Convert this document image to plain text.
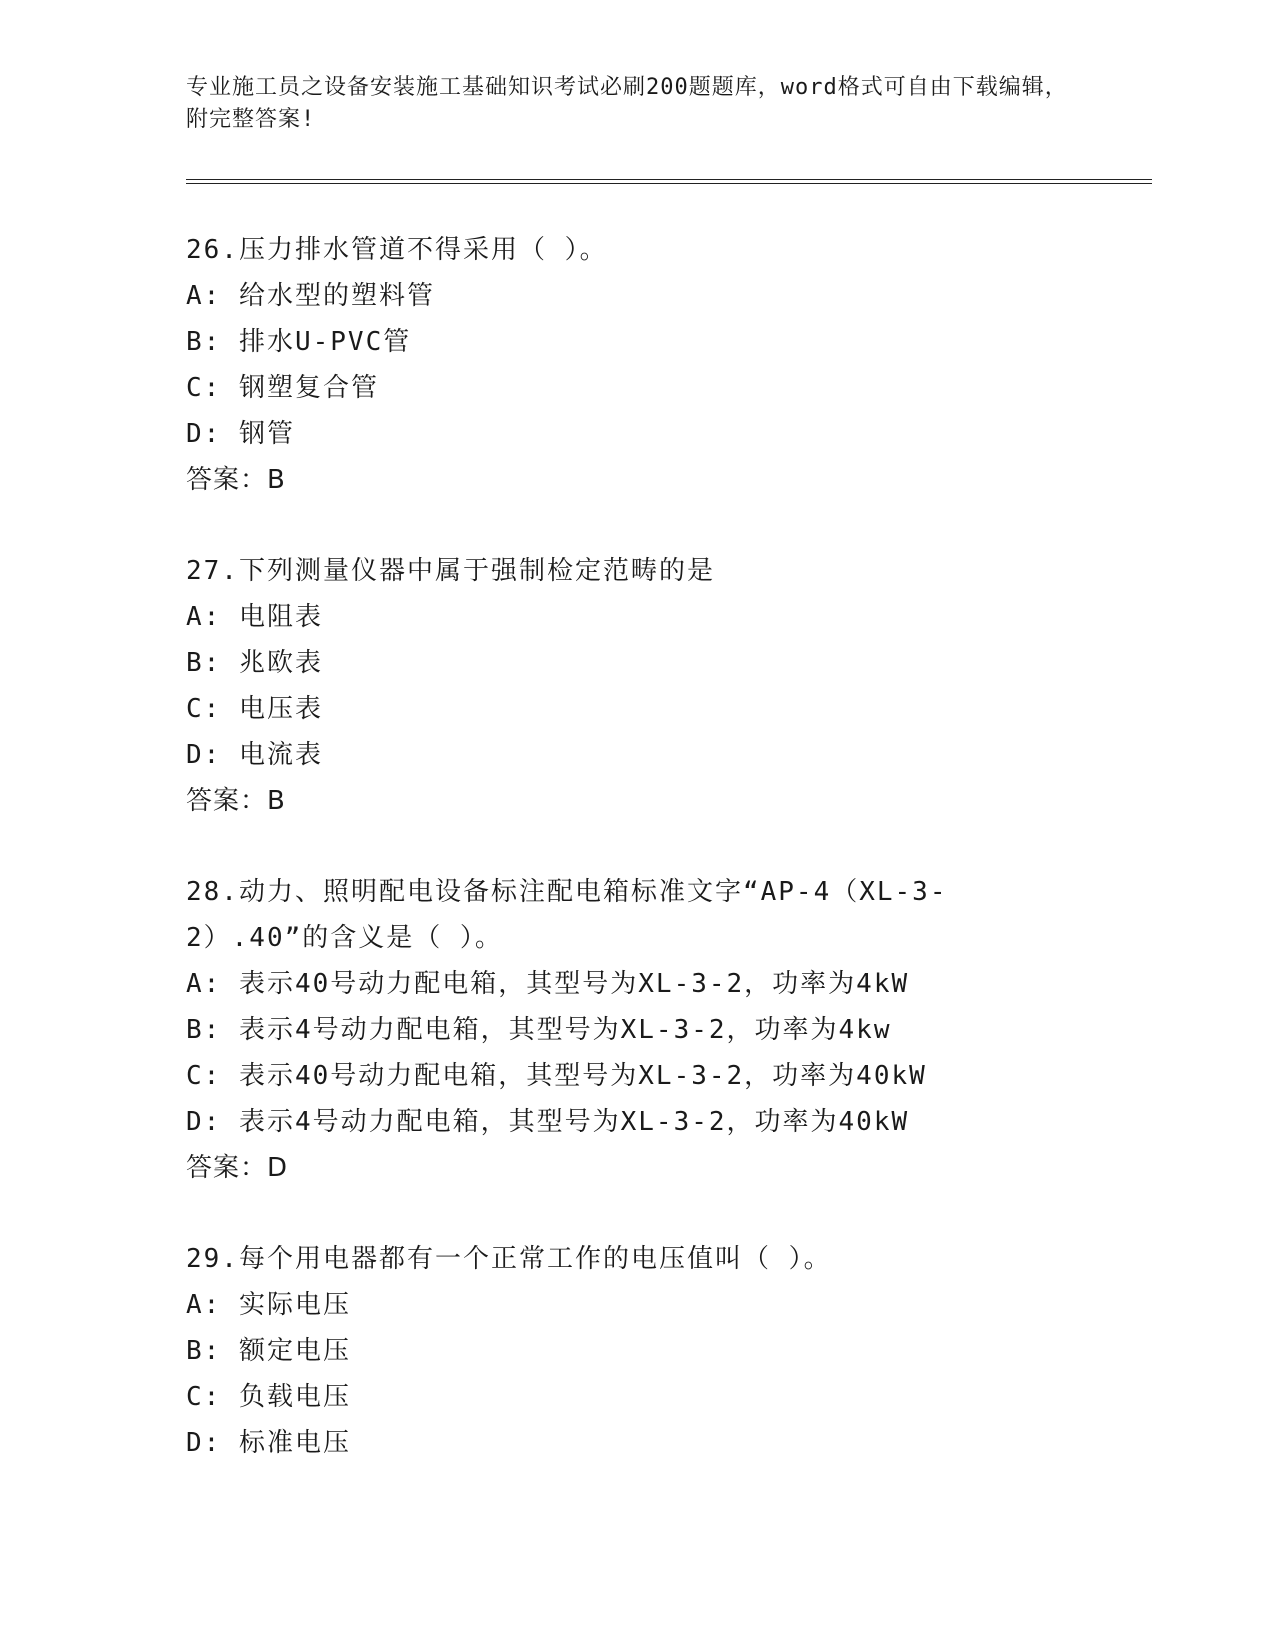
专业施工员之设备安装施工基础知识考试必刷200题题库，word格式可自由下载编辑，附完整答案!
26.压力排水管道不得采用（ ）。
A: 给水型的塑料管
B: 排水U-PVC管
C: 钢塑复合管
D: 钢管
答案：B
27.下列测量仪器中属于强制检定范畴的是
A: 电阻表
B: 兆欧表
C: 电压表
D: 电流表
答案：B
28.动力、照明配电设备标注配电箱标准文字“AP-4（XL-3-2）.40”的含义是（ ）。
A: 表示40号动力配电箱，其型号为XL-3-2，功率为4kW
B: 表示4号动力配电箱，其型号为XL-3-2，功率为4kw
C: 表示40号动力配电箱，其型号为XL-3-2，功率为40kW
D: 表示4号动力配电箱，其型号为XL-3-2，功率为40kW
答案：D
29.每个用电器都有一个正常工作的电压值叫（ ）。
A: 实际电压
B: 额定电压
C: 负载电压
D: 标准电压
